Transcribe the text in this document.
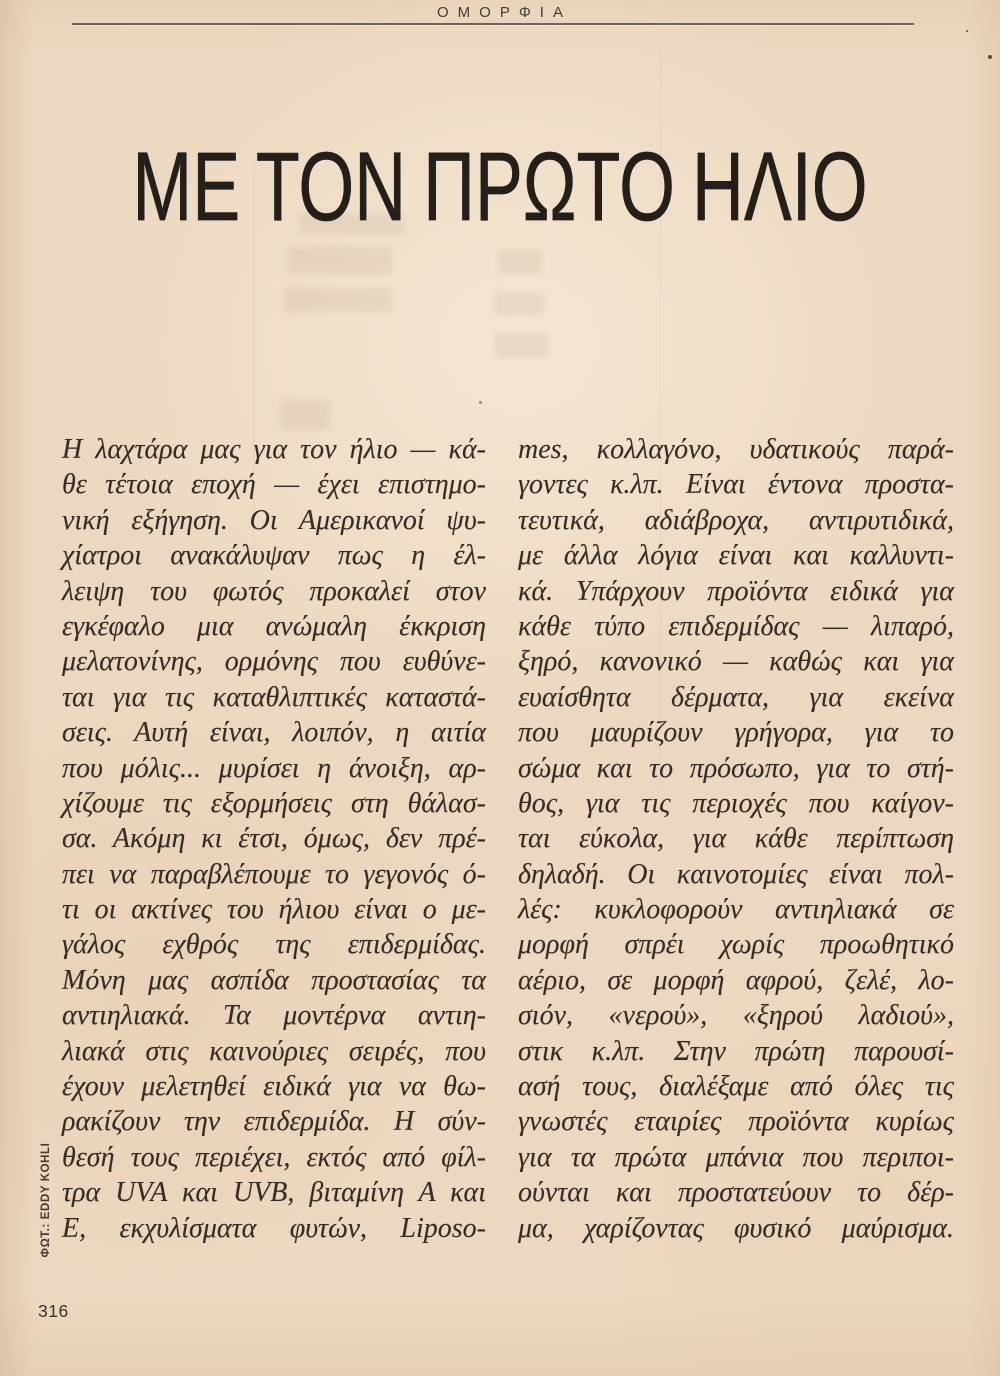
ΟΜΟΡΦΙΑ
ΜΕ ΤΟΝ ΠΡΩΤΟ ΗΛΙΟ
Η λαχτάρα μας για τον ήλιο — κά-
θε τέτοια εποχή — έχει επιστημο-
νική εξήγηση. Οι Αμερικανοί ψυ-
χίατροι ανακάλυψαν πως η έλ-
λειψη του φωτός προκαλεί στον
εγκέφαλο μια ανώμαλη έκκριση
μελατονίνης, ορμόνης που ευθύνε-
ται για τις καταθλιπτικές καταστά-
σεις. Αυτή είναι, λοιπόν, η αιτία
που μόλις... μυρίσει η άνοιξη, αρ-
χίζουμε τις εξορμήσεις στη θάλασ-
σα. Ακόμη κι έτσι, όμως, δεν πρέ-
πει να παραβλέπουμε το γεγονός ό-
τι οι ακτίνες του ήλιου είναι ο με-
γάλος εχθρός της επιδερμίδας.
Μόνη μας ασπίδα προστασίας τα
αντιηλιακά. Τα μοντέρνα αντιη-
λιακά στις καινούριες σειρές, που
έχουν μελετηθεί ειδικά για να θω-
ρακίζουν την επιδερμίδα. Η σύν-
θεσή τους περιέχει, εκτός από φίλ-
τρα UVA και UVB, βιταμίνη Α και
Ε, εκχυλίσματα φυτών, Liposo-
mes, κολλαγόνο, υδατικούς παρά-
γοντες κ.λπ. Είναι έντονα προστα-
τευτικά, αδιάβροχα, αντιρυτιδικά,
με άλλα λόγια είναι και καλλυντι-
κά. Υπάρχουν προϊόντα ειδικά για
κάθε τύπο επιδερμίδας — λιπαρό,
ξηρό, κανονικό — καθώς και για
ευαίσθητα δέρματα, για εκείνα
που μαυρίζουν γρήγορα, για το
σώμα και το πρόσωπο, για το στή-
θος, για τις περιοχές που καίγον-
ται εύκολα, για κάθε περίπτωση
δηλαδή. Οι καινοτομίες είναι πολ-
λές: κυκλοφορούν αντιηλιακά σε
μορφή σπρέι χωρίς προωθητικό
αέριο, σε μορφή αφρού, ζελέ, λο-
σιόν, «νερού», «ξηρού λαδιού»,
στικ κ.λπ. Στην πρώτη παρουσί-
ασή τους, διαλέξαμε από όλες τις
γνωστές εταιρίες προϊόντα κυρίως
για τα πρώτα μπάνια που περιποι-
ούνται και προστατεύουν το δέρ-
μα, χαρίζοντας φυσικό μαύρισμα.
ΦΩΤ.: EDDY KOHLI
316
